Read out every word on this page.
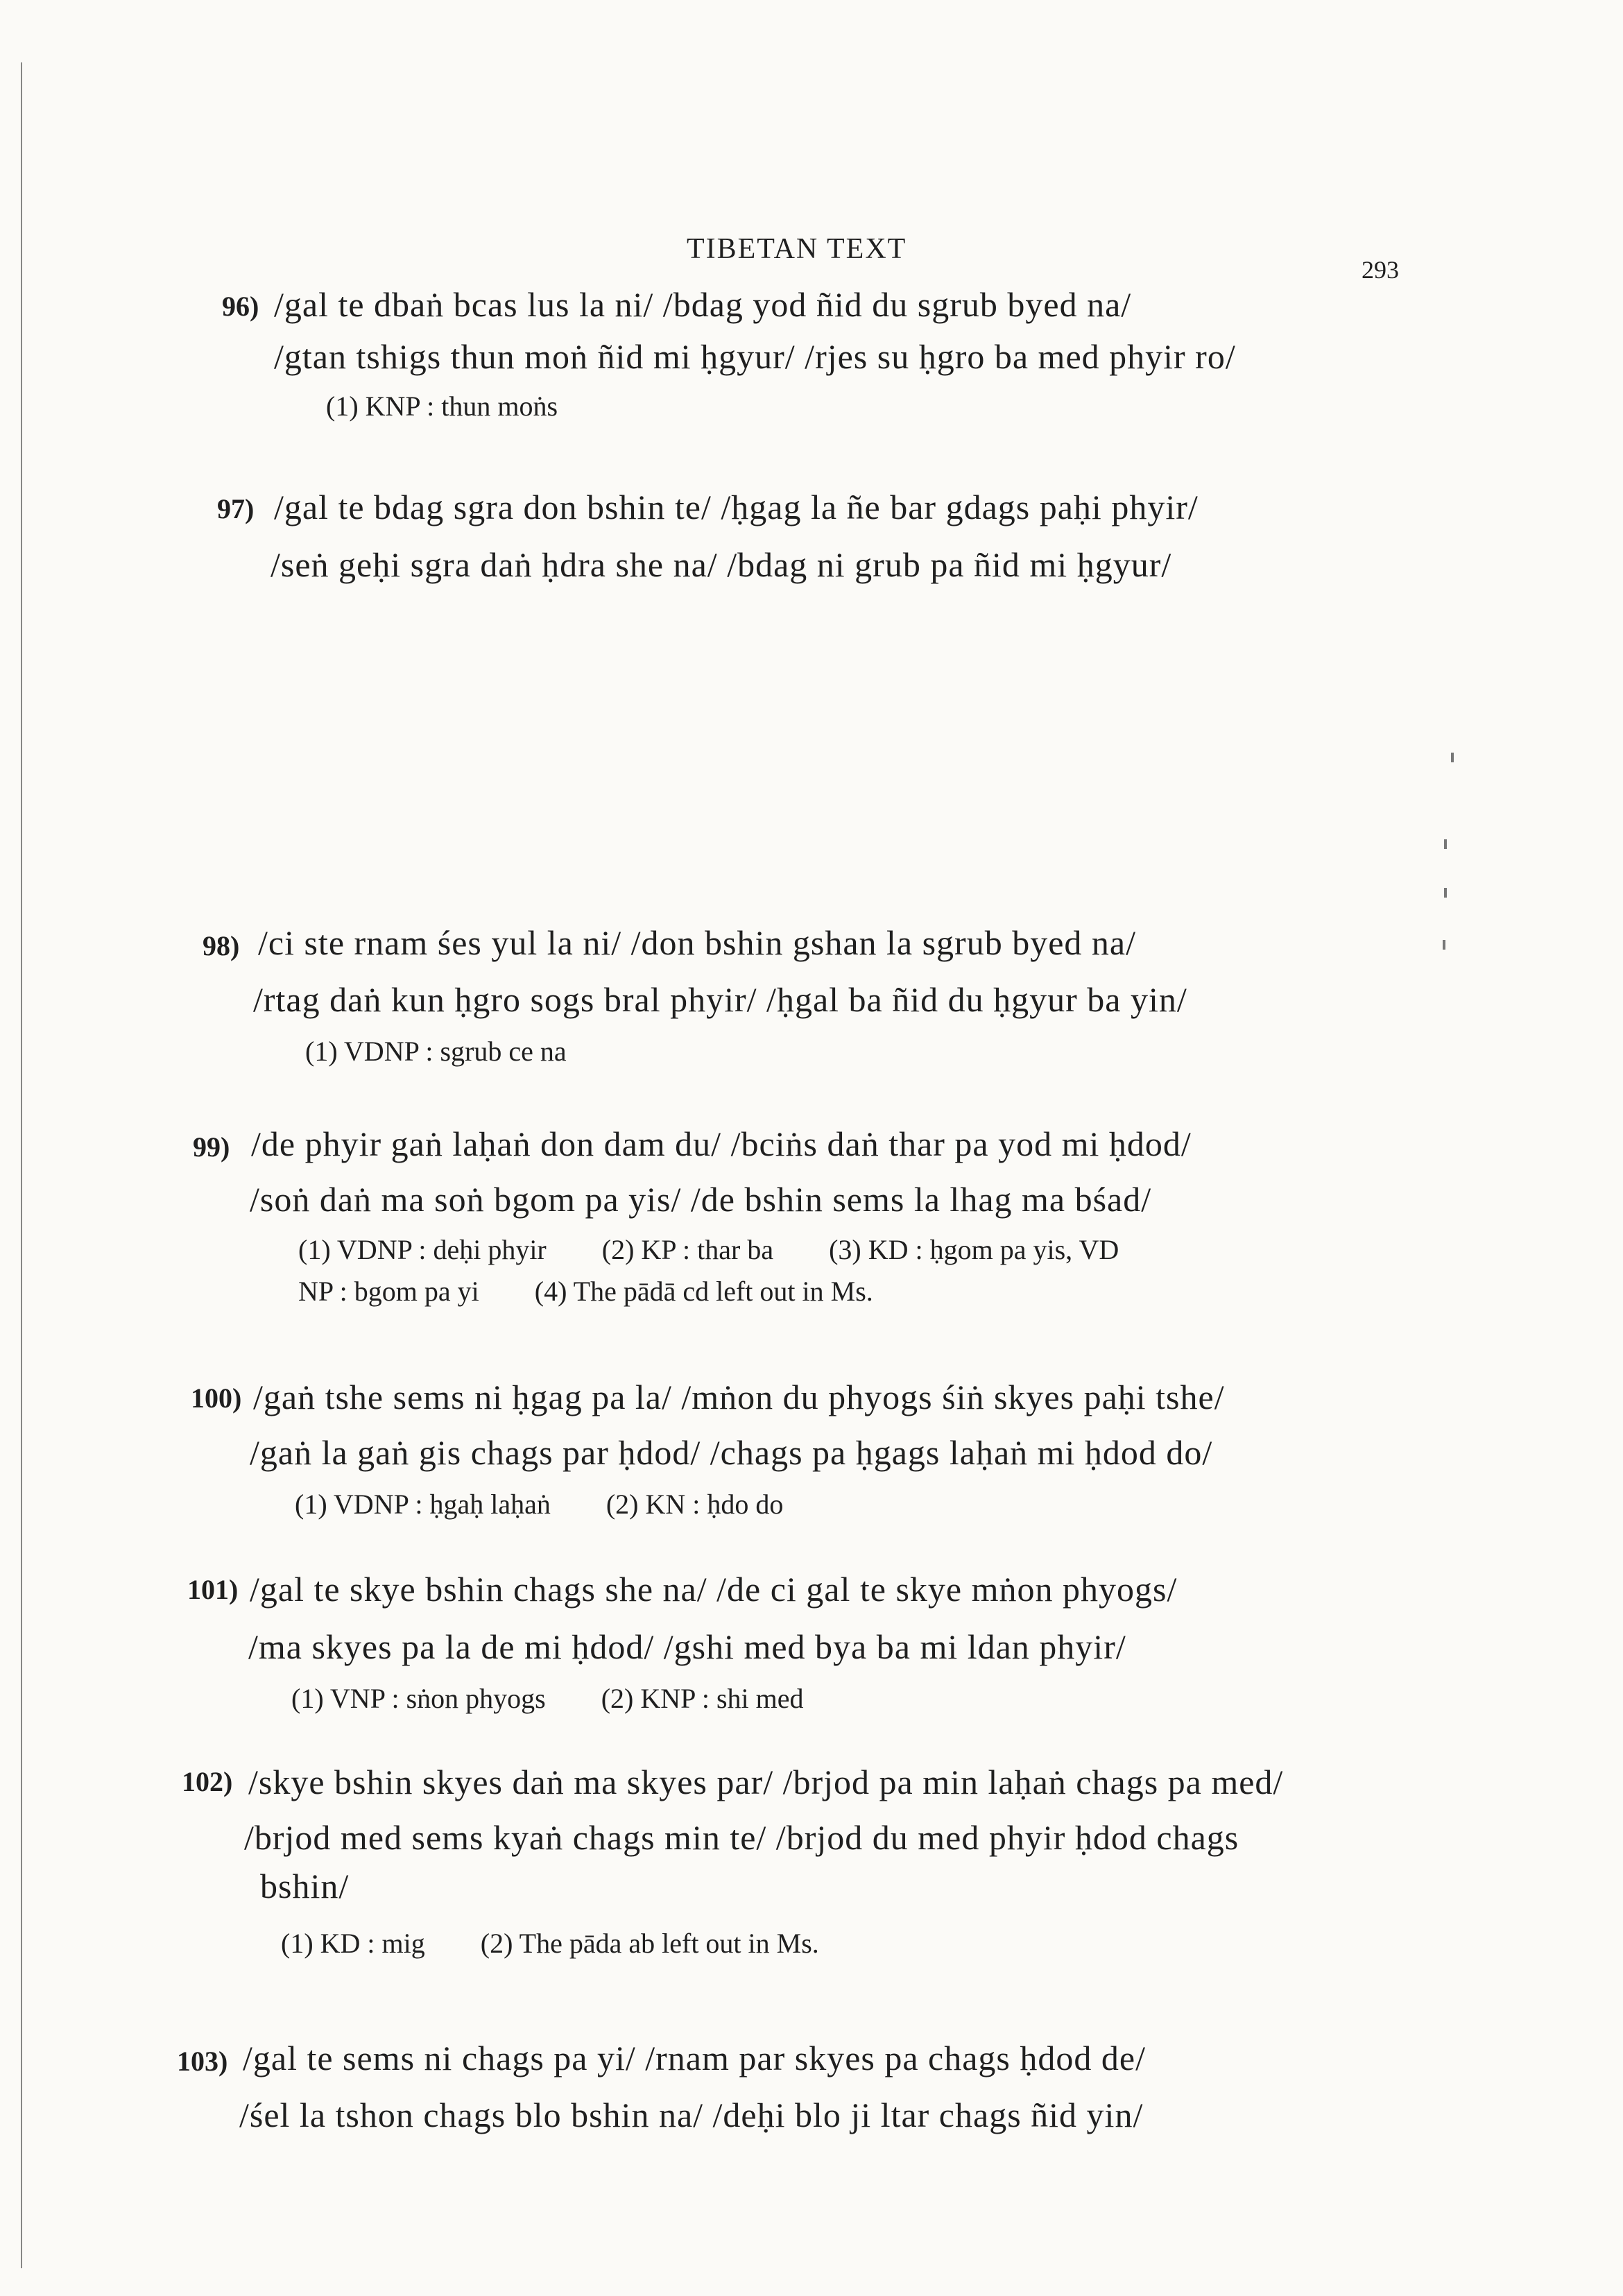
TIBETAN TEXT
293
96) /gal te dbaṅ bcas lus la ni/ /bdag yod ñid du sgrub byed na/
/gtan tshigs thun moṅ ñid mi ḥgyur/ /rjes su ḥgro ba med phyir ro/
(1) KNP : thun moṅs
97) /gal te bdag sgra don bshin te/ /ḥgag la ñe bar gdags paḥi phyir/
/seṅ geḥi sgra daṅ ḥdra she na/ /bdag ni grub pa ñid mi ḥgyur/
98) /ci ste rnam śes yul la ni/ /don bshin gshan la sgrub byed na/
/rtag daṅ kun ḥgro sogs bral phyir/ /ḥgal ba ñid du ḥgyur ba yin/
(1) VDNP : sgrub ce na
99) /de phyir gaṅ laḥaṅ don dam du/ /bciṅs daṅ thar pa yod mi ḥdod/
/soṅ daṅ ma soṅ bgom pa yis/ /de bshin sems la lhag ma bśad/
(1) VDNP : deḥi phyir (2) KP : thar ba (3) KD : ḥgom pa yis, VD
NP : bgom pa yi (4) The pādā cd left out in Ms.
100) /gaṅ tshe sems ni ḥgag pa la/ /mṅon du phyogs śiṅ skyes paḥi tshe/
/gaṅ la gaṅ gis chags par ḥdod/ /chags pa ḥgags laḥaṅ mi ḥdod do/
(1) VDNP : ḥgaḥ laḥaṅ (2) KN : ḥdo do
101) /gal te skye bshin chags she na/ /de ci gal te skye mṅon phyogs/
/ma skyes pa la de mi ḥdod/ /gshi med bya ba mi ldan phyir/
(1) VNP : sṅon phyogs (2) KNP : shi med
102) /skye bshin skyes daṅ ma skyes par/ /brjod pa min laḥaṅ chags pa med/
/brjod med sems kyaṅ chags min te/ /brjod du med phyir ḥdod chags
bshin/
(1) KD : mig (2) The pāda ab left out in Ms.
103) /gal te sems ni chags pa yi/ /rnam par skyes pa chags ḥdod de/
/śel la tshon chags blo bshin na/ /deḥi blo ji ltar chags ñid yin/
